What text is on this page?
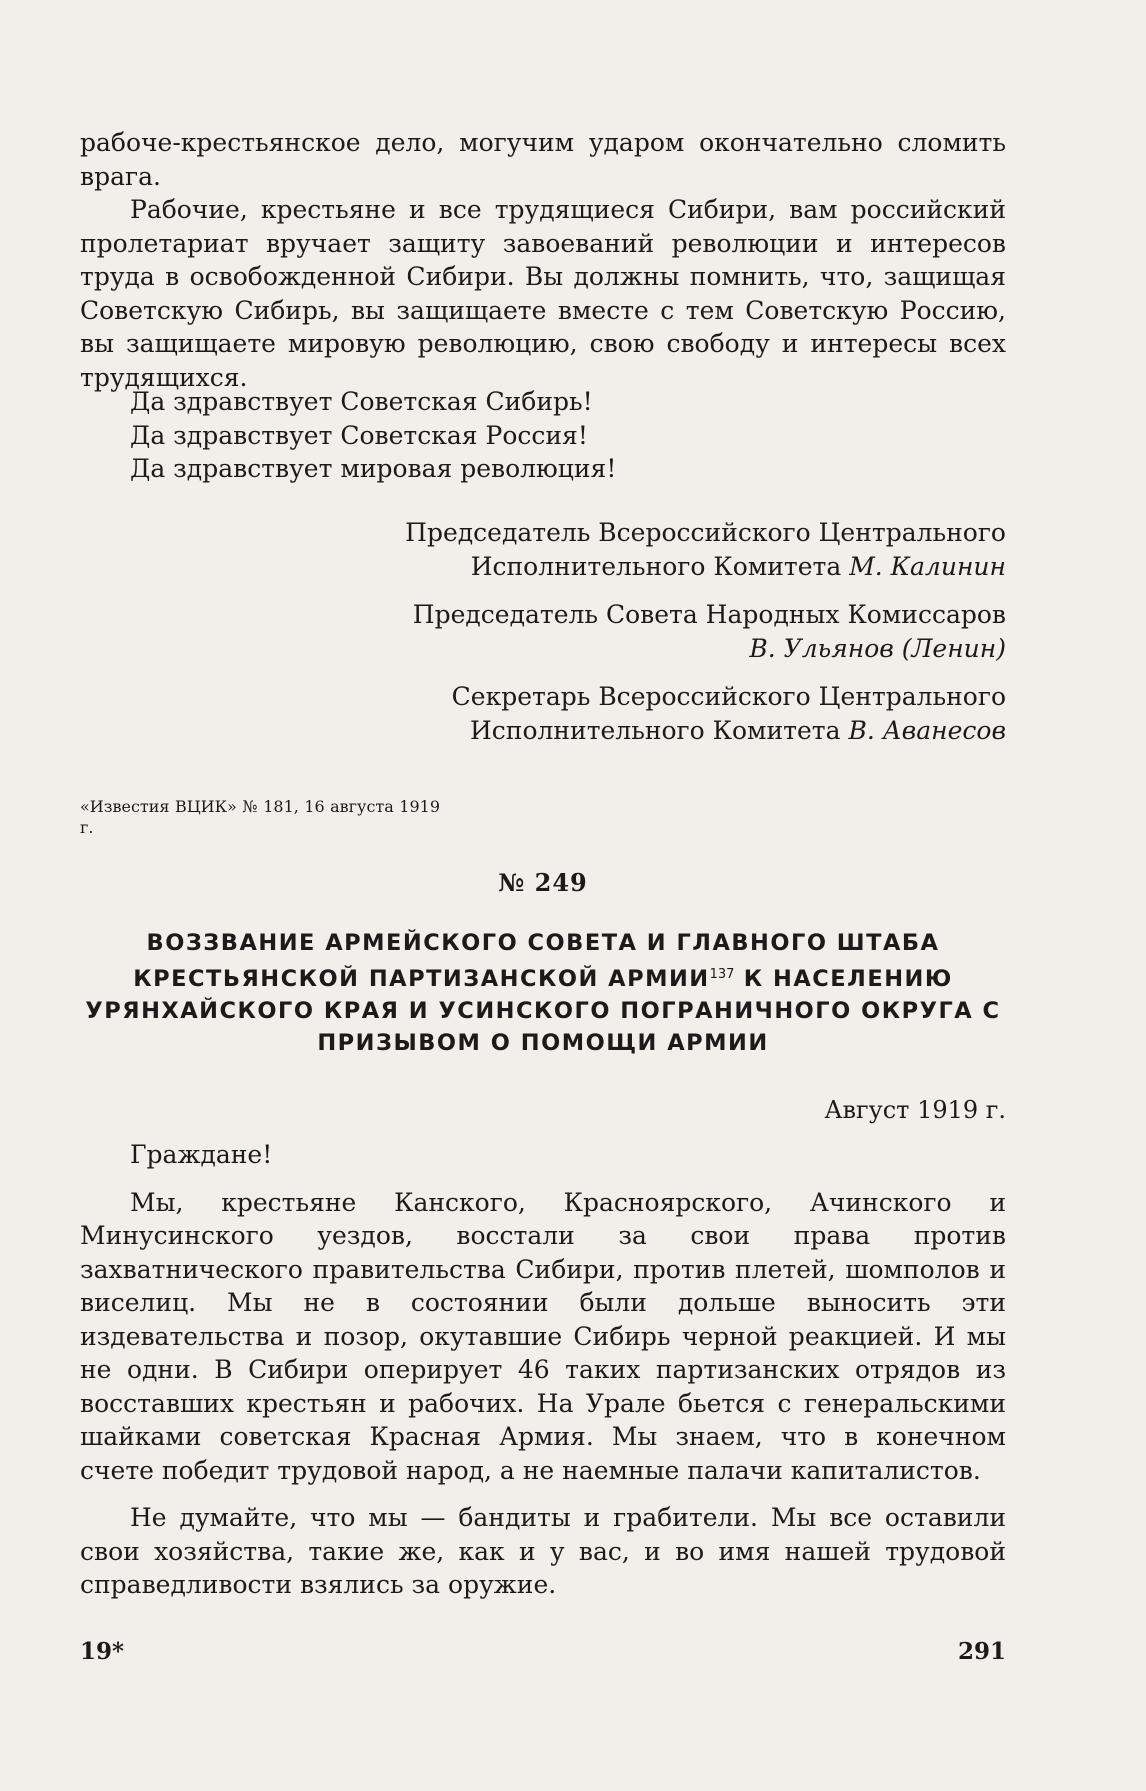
рабоче-крестьянское дело, могучим ударом окончательно сломить врага.

Рабочие, крестьяне и все трудящиеся Сибири, вам российский пролетариат вручает защиту завоеваний революции и интересов труда в освобожденной Сибири. Вы должны помнить, что, защищая Советскую Сибирь, вы защищаете вместе с тем Советскую Россию, вы защищаете мировую революцию, свою свободу и интересы всех трудящихся.

Да здравствует Советская Сибирь!

Да здравствует Советская Россия!

Да здравствует мировая революция!

Председатель Всероссийского Центрального

Исполнительного Комитета М. Калинин

Председатель Совета Народных Комиссаров

В. Ульянов (Ленин)

Секретарь Всероссийского Центрального

Исполнительного Комитета В. Аванесов

«Известия ВЦИК» № 181, 16 августа 1919 г.

№ 249

ВОЗЗВАНИЕ АРМЕЙСКОГО СОВЕТА И ГЛАВНОГО ШТАБА КРЕСТЬЯНСКОЙ ПАРТИЗАНСКОЙ АРМИИ$^{137}$ К НАСЕЛЕНИЮ УРЯНХАЙСКОГО КРАЯ И УСИНСКОГО ПОГРАНИЧНОГО ОКРУГА С ПРИЗЫВОМ О ПОМОЩИ АРМИИ

Август 1919 г.

Граждане!

Мы, крестьяне Канского, Красноярского, Ачинского и Минусинского уездов, восстали за свои права против захватнического правительства Сибири, против плетей, шомполов и виселиц. Мы не в состоянии были дольше выносить эти издевательства и позор, окутавшие Сибирь черной реакцией. И мы не одни. В Сибири оперирует 46 таких партизанских отрядов из восставших крестьян и рабочих. На Урале бьется с генеральскими шайками советская Красная Армия. Мы знаем, что в конечном счете победит трудовой народ, а не наемные палачи капиталистов.

Не думайте, что мы — бандиты и грабители. Мы все оставили свои хозяйства, такие же, как и у вас, и во имя нашей трудовой справедливости взялись за оружие.

19*	291
